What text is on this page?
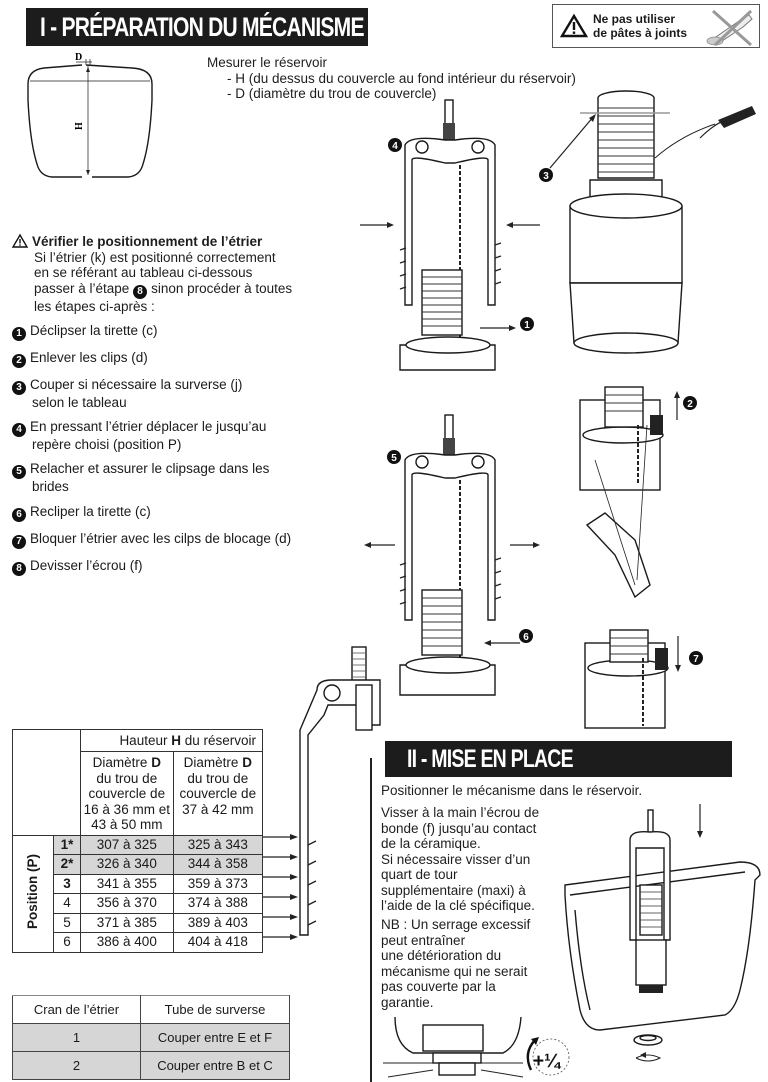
I - PRÉPARATION DU MÉCANISME	Ne pas utiliser
de pâtes à joints
D
H
Mesurer le réservoir
- H (du dessus du couvercle au fond intérieur du réservoir)
- D (diamètre du trou de couvercle)
Vérifier le positionnement de l’étrier
Si l’étrier (k) est positionné correctement
en se référant au tableau ci-dessous
passer à l’étape 8 sinon procéder à toutes
les étapes ci-après :
1 Déclipser la tirette (c)
2 Enlever les clips (d)
3 Couper si nécessaire la surverse (j)
selon le tableau
4 En pressant l’étrier déplacer le jusqu’au
repère choisi (position P)
5 Relacher et assurer le clipsage dans les
brides
6 Recliper la tirette (c)
7 Bloquer l’étrier avec les cilps de blocage (d)
8 Devisser l’écrou (f)
4
1
3
2
5
6
7
		Hauteur H du réservoir	
		Diamètre D
du trou de
couvercle de
16 à 36 mm et
43 à 50 mm	Diamètre D
du trou de
couvercle de
37 à 42 mm
Position (P)	1*	307 à 325	325 à 343
	2*	326 à 340	344 à 358
	3	341 à 355	359 à 373
	4	356 à 370	374 à 388
	5	371 à 385	389 à 403
	6	386 à 400	404 à 418
Cran de l’étrier	Tube de surverse
1	Couper entre E et F
2	Couper entre B et C
II - MISE EN PLACE
Positionner le mécanisme dans le réservoir.
Visser à la main l’écrou de
bonde (f) jusqu’au contact
de la céramique.
Si nécessaire visser d’un
quart de tour
supplémentaire (maxi) à
l’aide de la clé spécifique.
NB : Un serrage excessif
peut entraîner
une détérioration du
mécanisme qui ne serait
pas couverte par la
garantie.
+¼
